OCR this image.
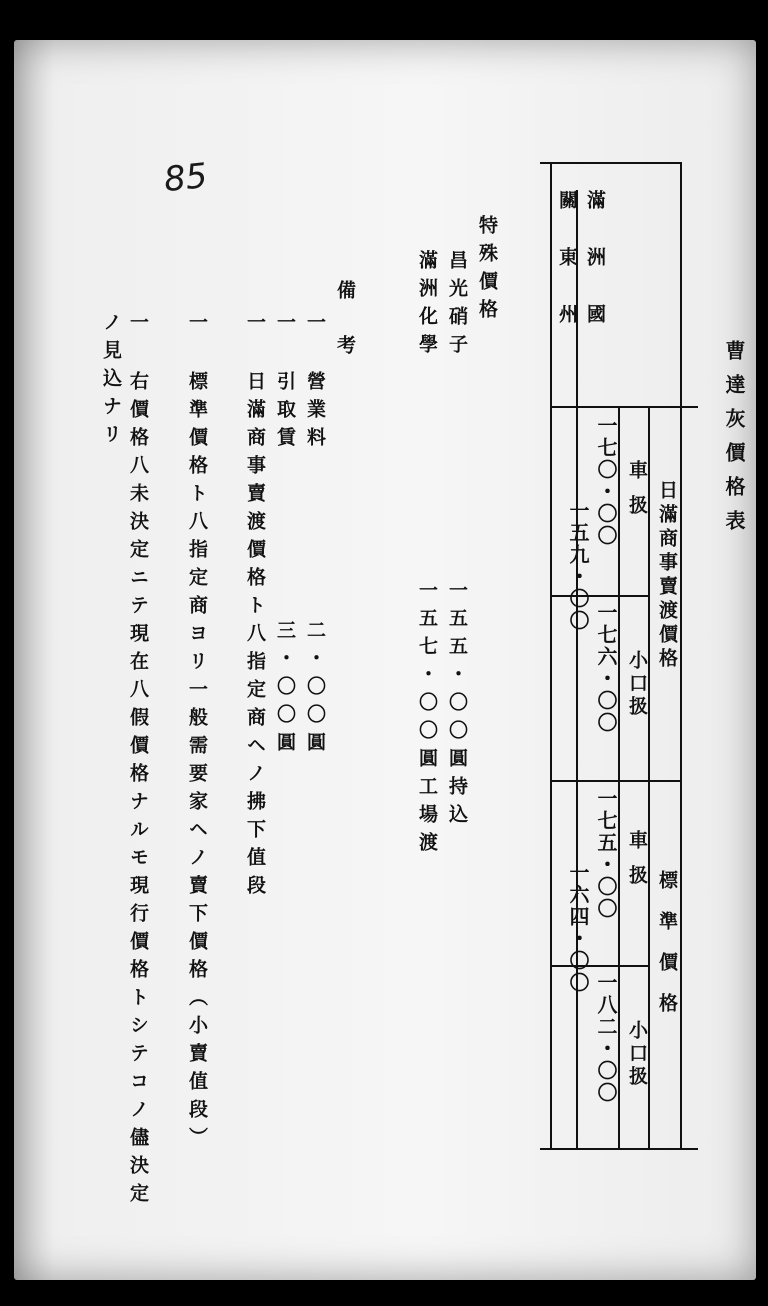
85
曹達灰價格表
滿洲國
關東州
日滿商事賣渡價格
標準價格
車扱
小口扱
車扱
小口扱
一七〇・〇〇
一七六・〇〇
一五九・〇〇
一七五・〇〇
一八二・〇〇
一六四・〇〇
特殊價格
昌光硝子
一五五・〇〇圓持込
滿洲化學
一五七・〇〇圓工場渡
備考
一 營業料
二・〇〇圓
一 引取賃
三・〇〇圓
一 日滿商事賣渡價格ト八指定商ヘノ拂下值段
一 標準價格ト八指定商ヨリ一般需要家ヘノ賣下價格（小賣值段）
一 右價格八未決定ニテ現在八假價格ナルモ現行價格トシテコノ儘決定ノ見込ナリ
